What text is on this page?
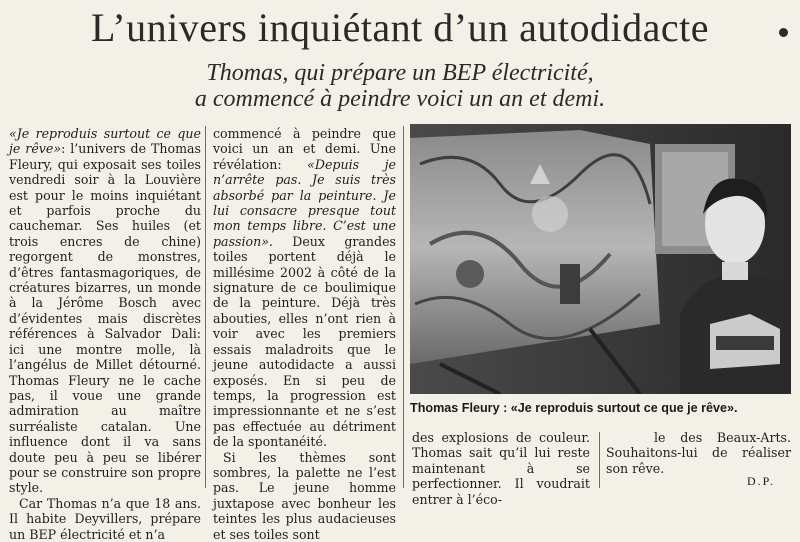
L’univers inquiétant d’un autodidacte
Thomas, qui prépare un BEP électricité,
a commencé à peindre voici un an et demi.

«Je reproduis surtout ce que je rêve»: l’univers de Thomas Fleury, qui exposait ses toiles vendredi soir à la Louvière est pour le moins inquiétant et parfois proche du cauchemar. Ses huiles (et trois encres de chine) regorgent de monstres, d’êtres fantasmagoriques, de créatures bizarres, un monde à la Jérôme Bosch avec d’évidentes mais discrètes références à Salvador Dali: ici une montre molle, là l’angélus de Millet détourné. Thomas Fleury ne le cache pas, il voue une grande admiration au maître surréaliste catalan. Une influence dont il va sans doute peu à peu se libérer pour se construire son propre style.

Car Thomas n’a que 18 ans. Il habite Deyvillers, prépare un BEP électricité et n’a

commencé à peindre que voici un an et demi. Une révélation: «Depuis je n’arrête pas. Je suis très absorbé par la peinture. Je lui consacre presque tout mon temps libre. C’est une passion». Deux grandes toiles portent déjà le millésime 2002 à côté de la signature de ce boulimique de la peinture. Déjà très abouties, elles n’ont rien à voir avec les premiers essais maladroits que le jeune autodidacte a aussi exposés. En si peu de temps, la progression est impressionnante et ne s’est pas effectuée au détriment de la spontanéité.

Si les thèmes sont sombres, la palette ne l’est pas. Le jeune homme juxtapose avec bonheur les teintes les plus audacieuses et ses toiles sont

Thomas Fleury : «Je reproduis surtout ce que je rêve».

des explosions de couleur. Thomas sait qu’il lui reste maintenant à se perfectionner. Il voudrait entrer à l’éco-

le des Beaux-Arts. Souhaitons-lui de réaliser son rêve.

D.P.
